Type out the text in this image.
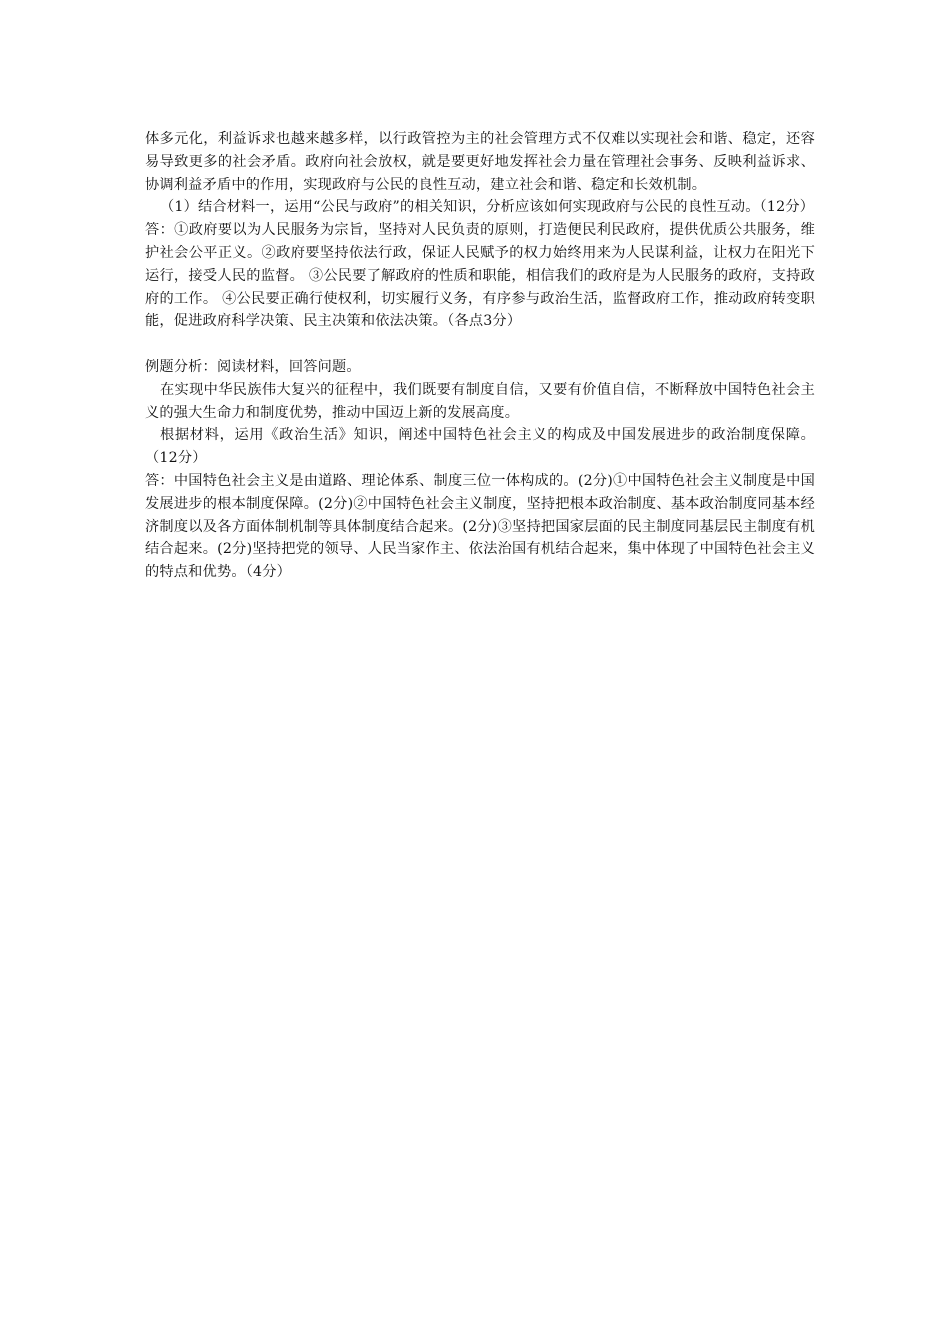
体多元化，利益诉求也越来越多样，以行政管控为主的社会管理方式不仅难以实现社会和谐、稳定，还容易导致更多的社会矛盾。政府向社会放权，就是要更好地发挥社会力量在管理社会事务、反映利益诉求、协调利益矛盾中的作用，实现政府与公民的良性互动，建立社会和谐、稳定和长效机制。

（1）结合材料一，运用“公民与政府”的相关知识，分析应该如何实现政府与公民的良性互动。（12分）

答：①政府要以为人民服务为宗旨，坚持对人民负责的原则，打造便民利民政府，提供优质公共服务，维护社会公平正义。②政府要坚持依法行政，保证人民赋予的权力始终用来为人民谋利益，让权力在阳光下运行，接受人民的监督。 ③公民要了解政府的性质和职能，相信我们的政府是为人民服务的政府，支持政府的工作。 ④公民要正确行使权利，切实履行义务，有序参与政治生活，监督政府工作，推动政府转变职能，促进政府科学决策、民主决策和依法决策。（各点3分）

例题分析：阅读材料，回答问题。

在实现中华民族伟大复兴的征程中，我们既要有制度自信，又要有价值自信，不断释放中国特色社会主义的强大生命力和制度优势，推动中国迈上新的发展高度。

根据材料，运用《政治生活》知识，阐述中国特色社会主义的构成及中国发展进步的政治制度保障。（12分）

答：中国特色社会主义是由道路、理论体系、制度三位一体构成的。(2分)①中国特色社会主义制度是中国发展进步的根本制度保障。(2分)②中国特色社会主义制度，坚持把根本政治制度、基本政治制度同基本经济制度以及各方面体制机制等具体制度结合起来。(2分)③坚持把国家层面的民主制度同基层民主制度有机结合起来。(2分)坚持把党的领导、人民当家作主、依法治国有机结合起来，集中体现了中国特色社会主义的特点和优势。（4分）
